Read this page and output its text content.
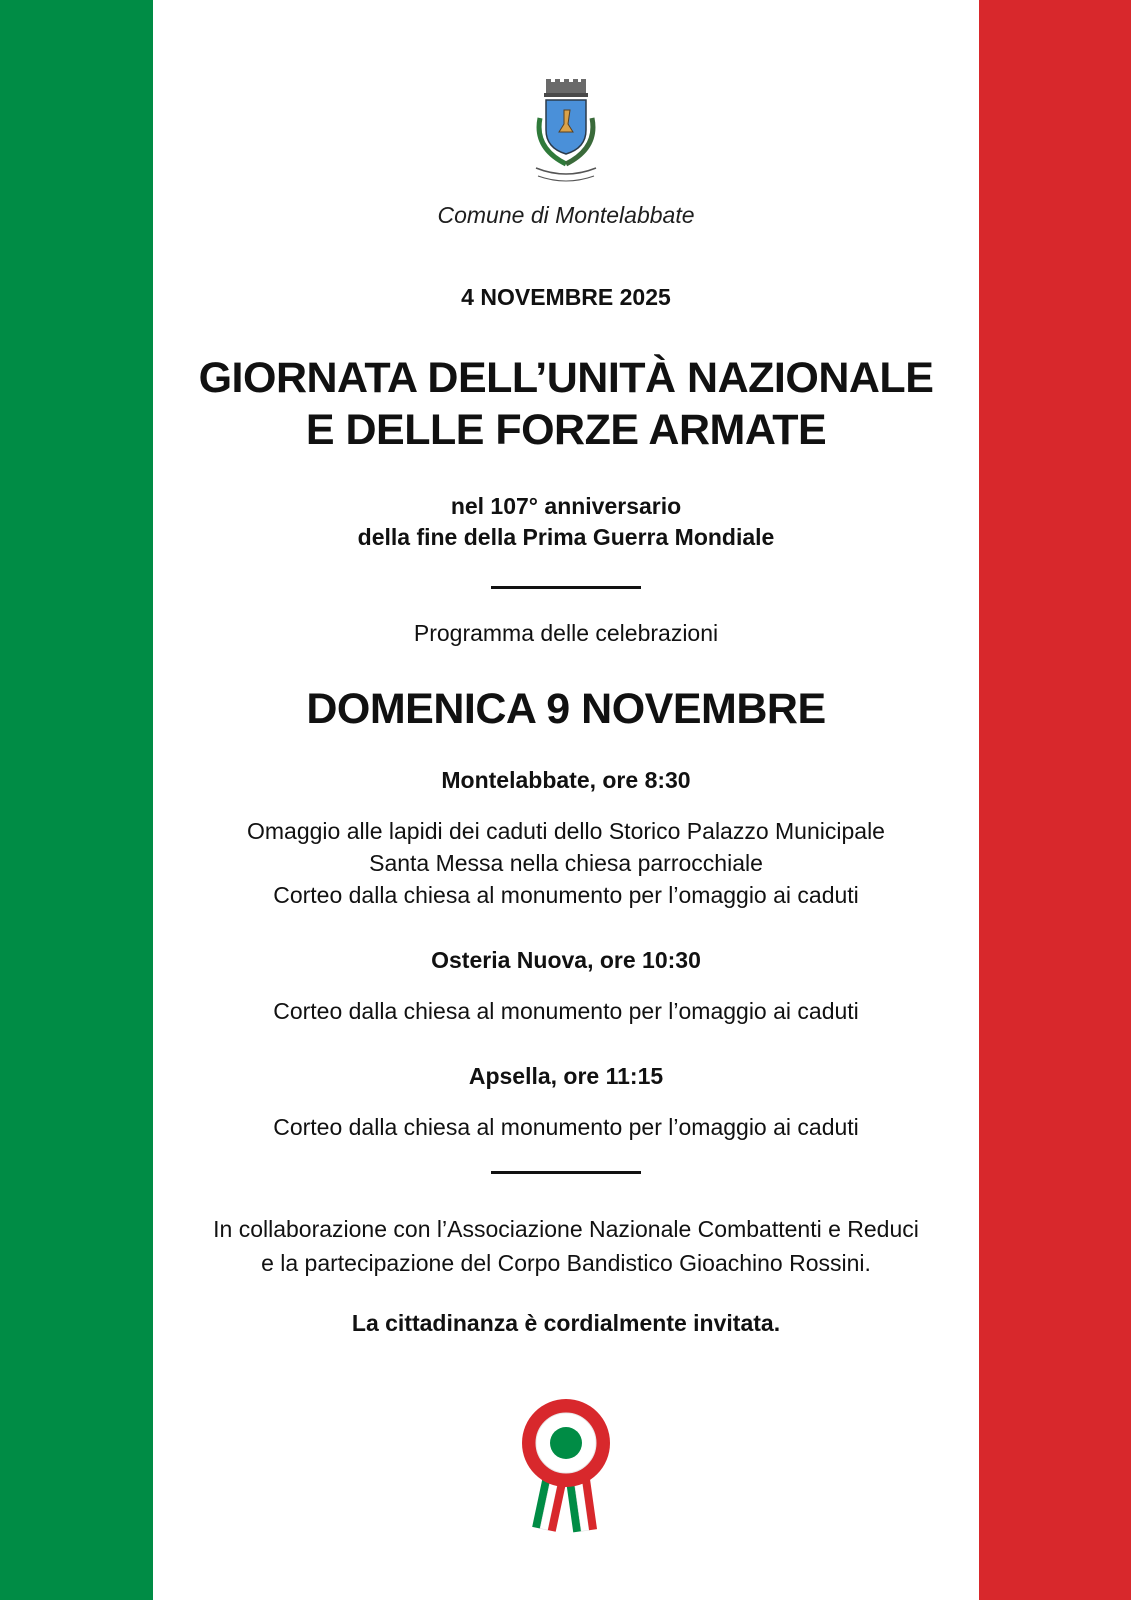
Comune di Montelabbate
4 NOVEMBRE 2025
GIORNATA DELL’UNITÀ NAZIONALE
E DELLE FORZE ARMATE
nel 107° anniversario
della fine della Prima Guerra Mondiale
Programma delle celebrazioni
DOMENICA 9 NOVEMBRE
Montelabbate, ore 8:30
Omaggio alle lapidi dei caduti dello Storico Palazzo Municipale
Santa Messa nella chiesa parrocchiale
Corteo dalla chiesa al monumento per l’omaggio ai caduti
Osteria Nuova, ore 10:30
Corteo dalla chiesa al monumento per l’omaggio ai caduti
Apsella, ore 11:15
Corteo dalla chiesa al monumento per l’omaggio ai caduti
In collaborazione con l’Associazione Nazionale Combattenti e Reduci
e la partecipazione del Corpo Bandistico Gioachino Rossini.
La cittadinanza è cordialmente invitata.
